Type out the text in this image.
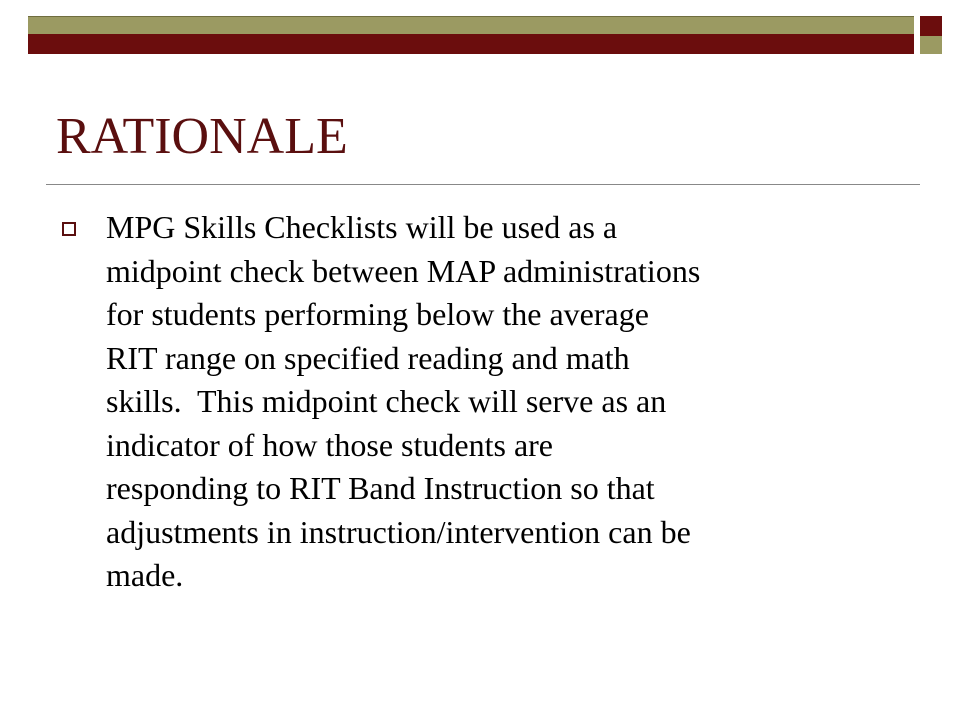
RATIONALE

MPG Skills Checklists will be used as a
midpoint check between MAP administrations
for students performing below the average
RIT range on specified reading and math
skills.  This midpoint check will serve as an
indicator of how those students are
responding to RIT Band Instruction so that
adjustments in instruction/intervention can be
made.
